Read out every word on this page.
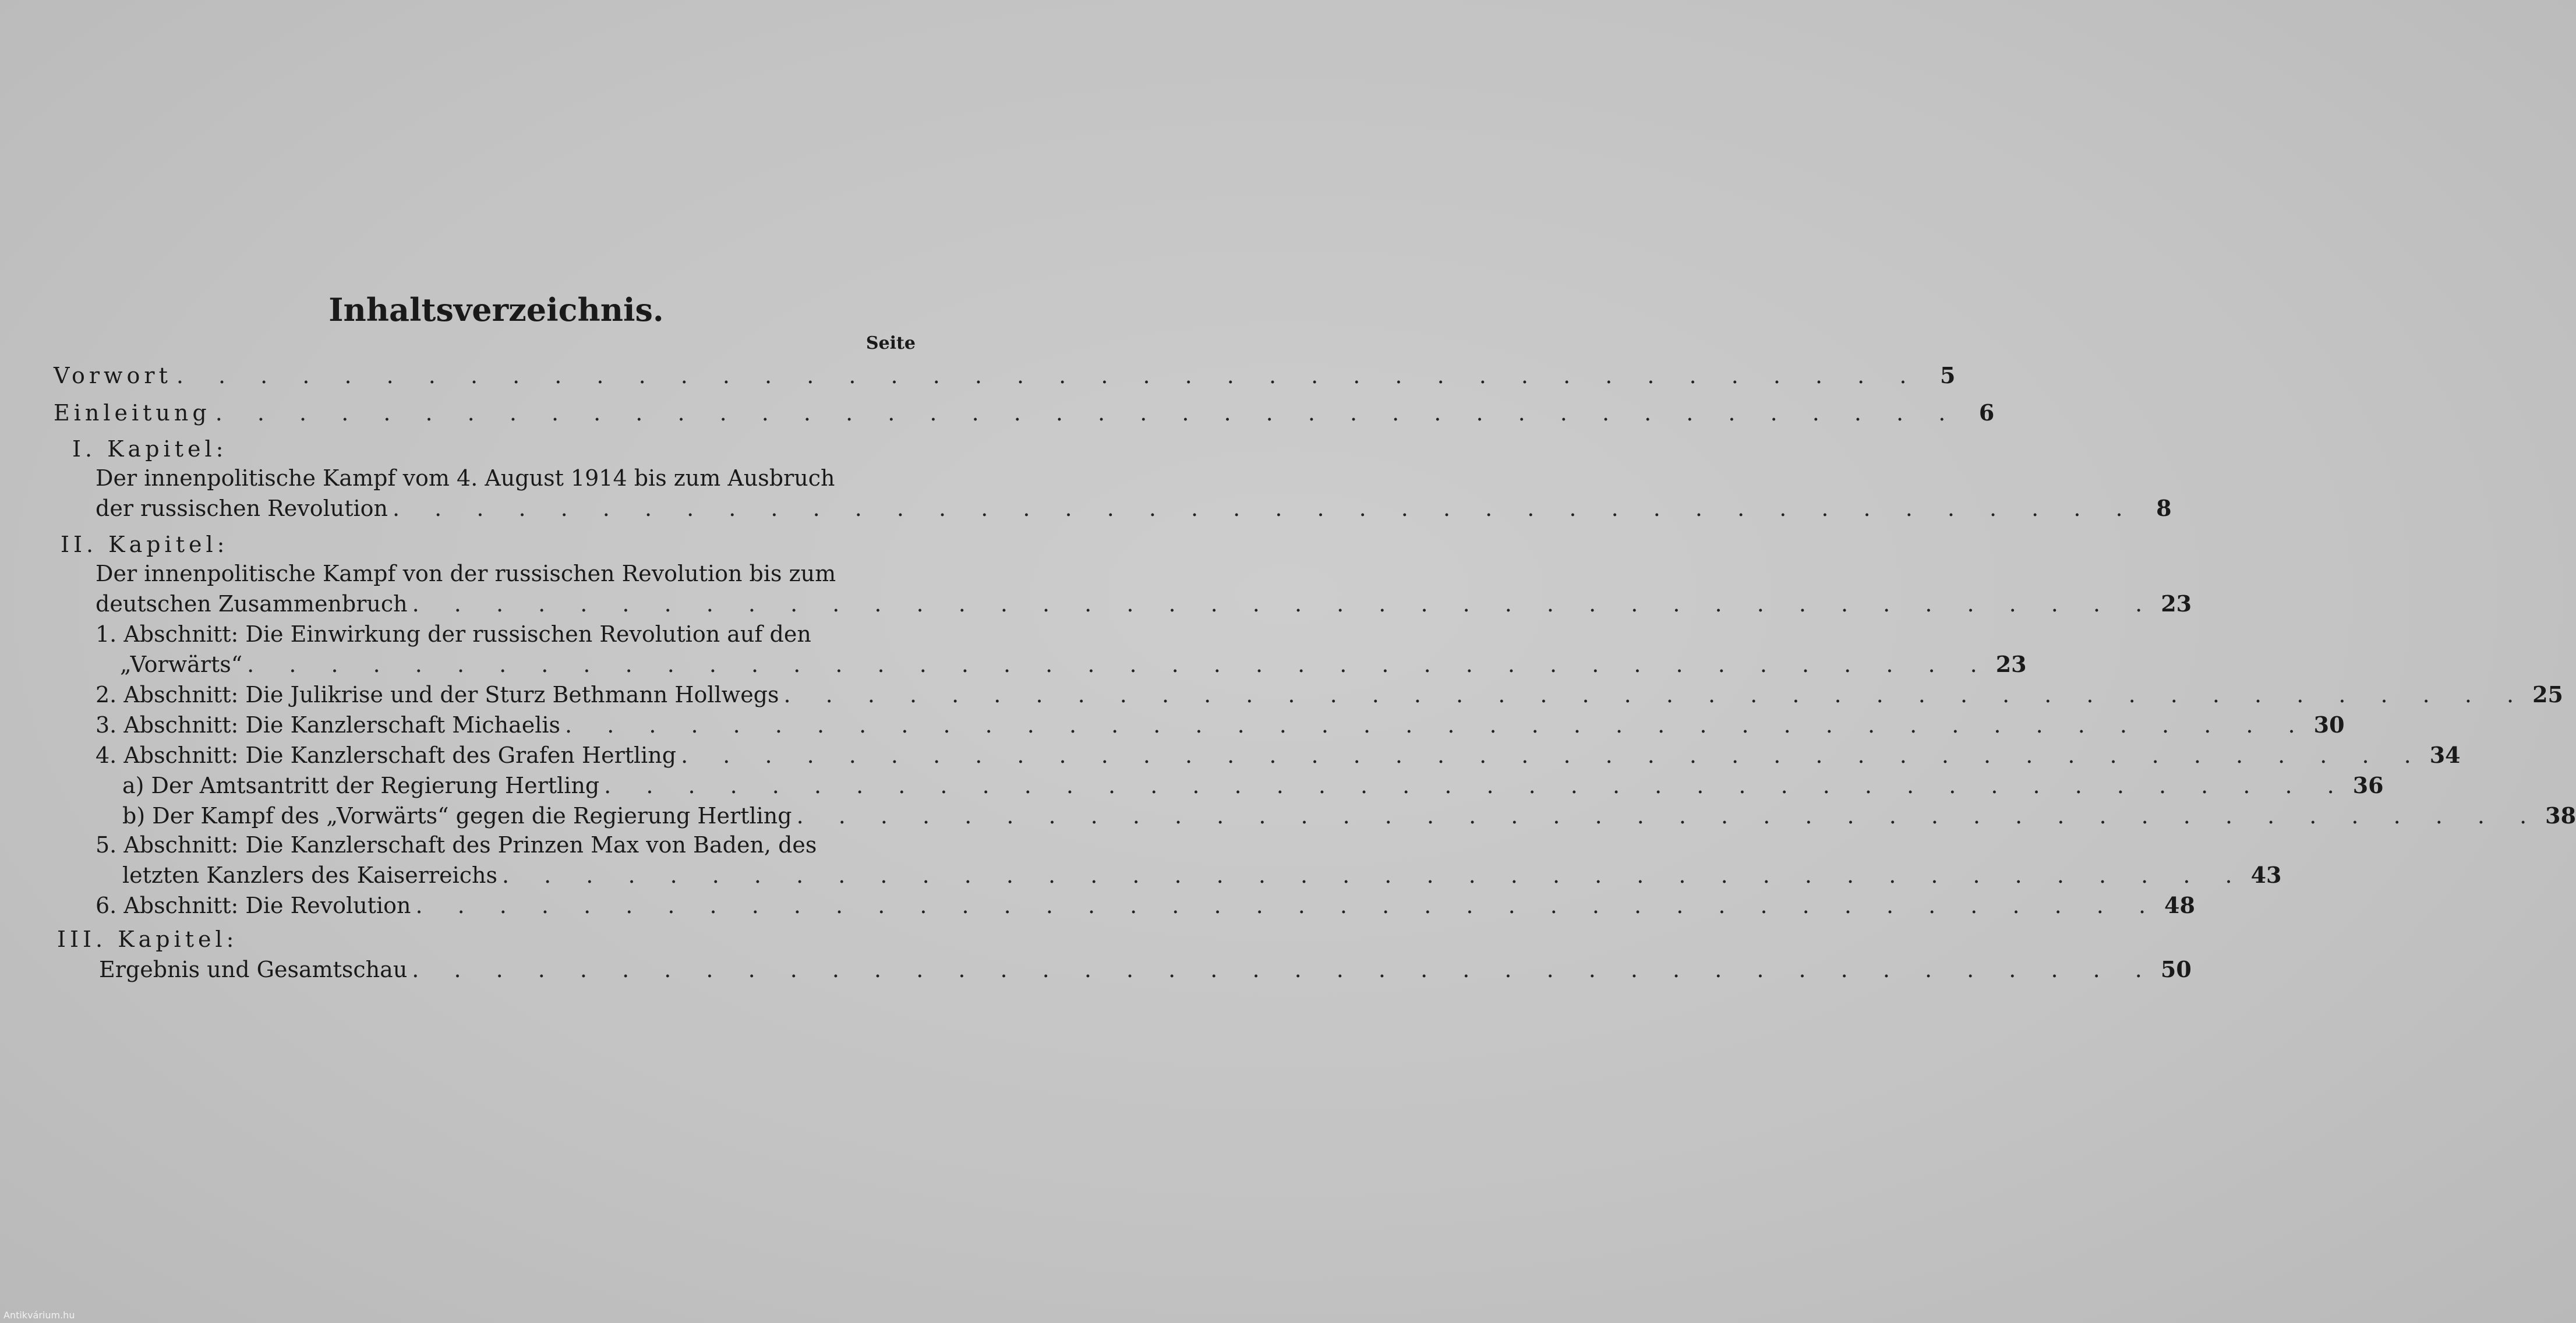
Inhaltsverzeichnis.
Seite
Vorwort . . . . . . . . . . . . . . . . . . . . . . . . . . . . . . . . . . . . . . . . . . 5
Einleitung . . . . . . . . . . . . . . . . . . . . . . . . . . . . . . . . . . . . . . . . . . 6
I. Kapitel:
Der innenpolitische Kampf vom 4. August 1914 bis zum Ausbruch
der russischen Revolution . . . . . . . . . . . . . . . . . . . . . . . . . . . . . . . . . . . . . . . . . . 8
II. Kapitel:
Der innenpolitische Kampf von der russischen Revolution bis zum
deutschen Zusammenbruch . . . . . . . . . . . . . . . . . . . . . . . . . . . . . . . . . . . . . . . . . . 23
1. Abschnitt: Die Einwirkung der russischen Revolution auf den
„Vorwärts“ . . . . . . . . . . . . . . . . . . . . . . . . . . . . . . . . . . . . . . . . . . 23
2. Abschnitt: Die Julikrise und der Sturz Bethmann Hollwegs . . . . . . . . . . . . . . . . . . . . . . . . . . . . . . . . . . . . . . . . . . 25
3. Abschnitt: Die Kanzlerschaft Michaelis . . . . . . . . . . . . . . . . . . . . . . . . . . . . . . . . . . . . . . . . . . 30
4. Abschnitt: Die Kanzlerschaft des Grafen Hertling . . . . . . . . . . . . . . . . . . . . . . . . . . . . . . . . . . . . . . . . . . 34
a) Der Amtsantritt der Regierung Hertling . . . . . . . . . . . . . . . . . . . . . . . . . . . . . . . . . . . . . . . . . . 36
b) Der Kampf des „Vorwärts“ gegen die Regierung Hertling . . . . . . . . . . . . . . . . . . . . . . . . . . . . . . . . . . . . . . . . . . 38
5. Abschnitt: Die Kanzlerschaft des Prinzen Max von Baden, des
letzten Kanzlers des Kaiserreichs . . . . . . . . . . . . . . . . . . . . . . . . . . . . . . . . . . . . . . . . . . 43
6. Abschnitt: Die Revolution . . . . . . . . . . . . . . . . . . . . . . . . . . . . . . . . . . . . . . . . . . 48
III. Kapitel:
Ergebnis und Gesamtschau . . . . . . . . . . . . . . . . . . . . . . . . . . . . . . . . . . . . . . . . . . 50
Antikvárium.hu
